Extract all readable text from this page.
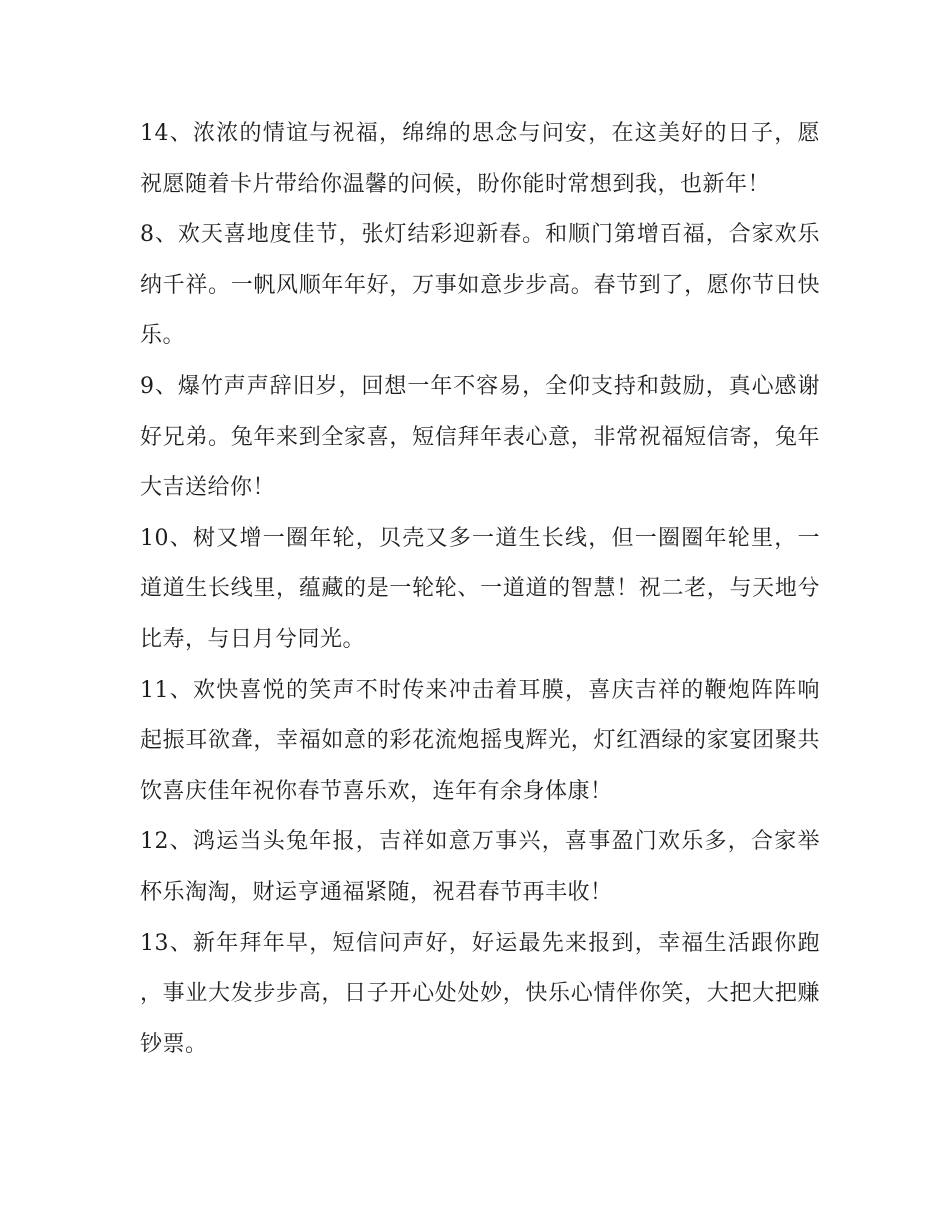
14、浓浓的情谊与祝福，绵绵的思念与问安，在这美好的日子，愿祝愿随着卡片带给你温馨的问候，盼你能时常想到我，也新年！

8、欢天喜地度佳节，张灯结彩迎新春。和顺门第增百福，合家欢乐纳千祥。一帆风顺年年好，万事如意步步高。春节到了，愿你节日快乐。

9、爆竹声声辞旧岁，回想一年不容易，全仰支持和鼓励，真心感谢好兄弟。兔年来到全家喜，短信拜年表心意，非常祝福短信寄，兔年大吉送给你！

10、树又增一圈年轮，贝壳又多一道生长线，但一圈圈年轮里，一道道生长线里，蕴藏的是一轮轮、一道道的智慧！祝二老，与天地兮比寿，与日月兮同光。

11、欢快喜悦的笑声不时传来冲击着耳膜，喜庆吉祥的鞭炮阵阵响起振耳欲聋，幸福如意的彩花流炮摇曳辉光，灯红酒绿的家宴团聚共饮喜庆佳年祝你春节喜乐欢，连年有余身体康！

12、鸿运当头兔年报，吉祥如意万事兴，喜事盈门欢乐多，合家举杯乐淘淘，财运亨通福紧随，祝君春节再丰收！

13、新年拜年早，短信问声好，好运最先来报到，幸福生活跟你跑，事业大发步步高，日子开心处处妙，快乐心情伴你笑，大把大把赚钞票。
